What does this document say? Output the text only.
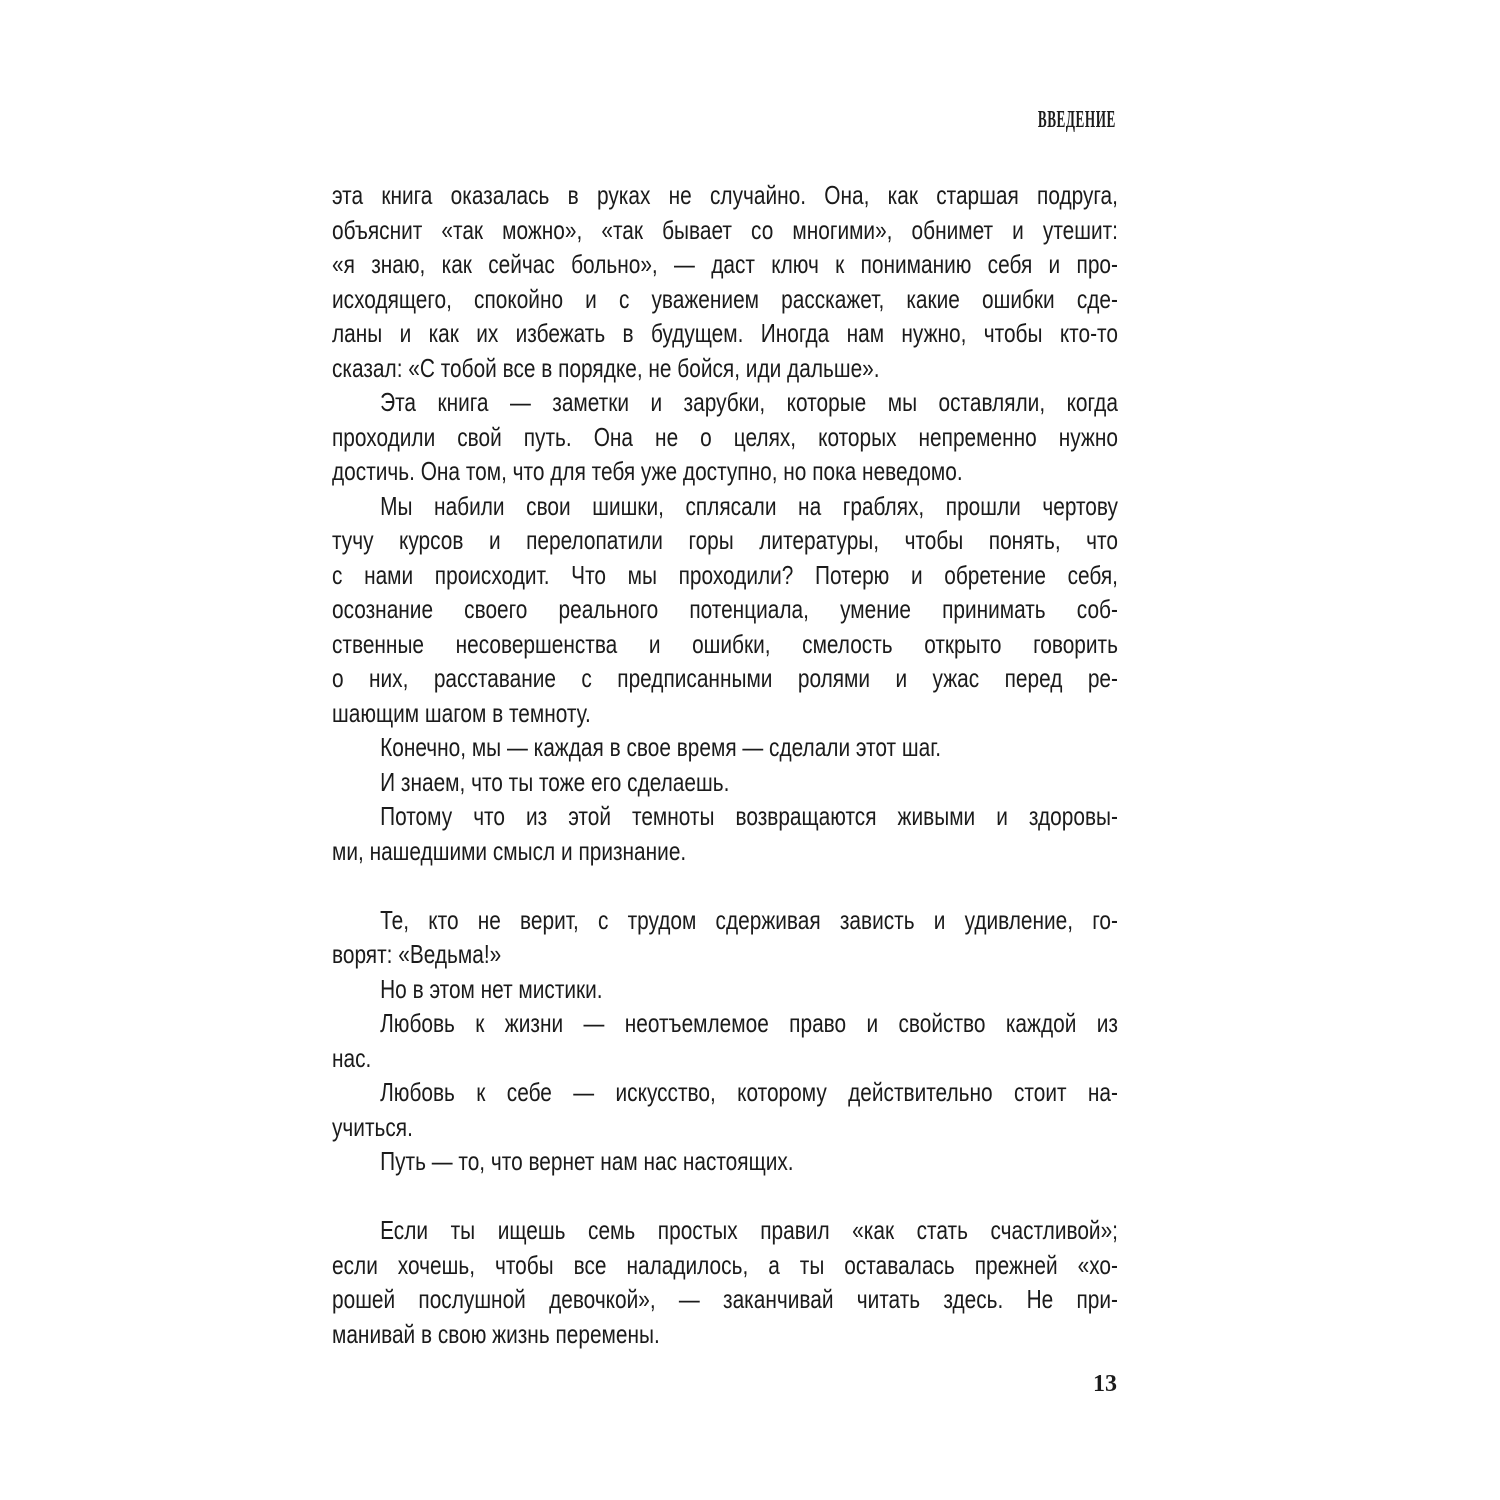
ВВЕДЕНИЕ
эта книга оказалась в руках не случайно. Она, как старшая подруга,
объяснит «так можно», «так бывает со многими», обнимет и утешит:
«я знаю, как сейчас больно», — даст ключ к пониманию себя и про-
исходящего, спокойно и с уважением расскажет, какие ошибки сде-
ланы и как их избежать в будущем. Иногда нам нужно, чтобы кто-то
сказал: «С тобой все в порядке, не бойся, иди дальше».
Эта книга — заметки и зарубки, которые мы оставляли, когда
проходили свой путь. Она не о целях, которых непременно нужно
достичь. Она том, что для тебя уже доступно, но пока неведомо.
Мы набили свои шишки, сплясали на граблях, прошли чертову
тучу курсов и перелопатили горы литературы, чтобы понять, что
с нами происходит. Что мы проходили? Потерю и обретение себя,
осознание своего реального потенциала, умение принимать соб-
ственные несовершенства и ошибки, смелость открыто говорить
о них, расставание с предписанными ролями и ужас перед ре-
шающим шагом в темноту.
Конечно, мы — каждая в свое время — сделали этот шаг.
И знаем, что ты тоже его сделаешь.
Потому что из этой темноты возвращаются живыми и здоровы-
ми, нашедшими смысл и признание.
Те, кто не верит, с трудом сдерживая зависть и удивление, го-
ворят: «Ведьма!»
Но в этом нет мистики.
Любовь к жизни — неотъемлемое право и свойство каждой из
нас.
Любовь к себе — искусство, которому действительно стоит на-
учиться.
Путь — то, что вернет нам нас настоящих.
Если ты ищешь семь простых правил «как стать счастливой»;
если хочешь, чтобы все наладилось, а ты оставалась прежней «хо-
рошей послушной девочкой», — заканчивай читать здесь. Не при-
манивай в свою жизнь перемены.
13
